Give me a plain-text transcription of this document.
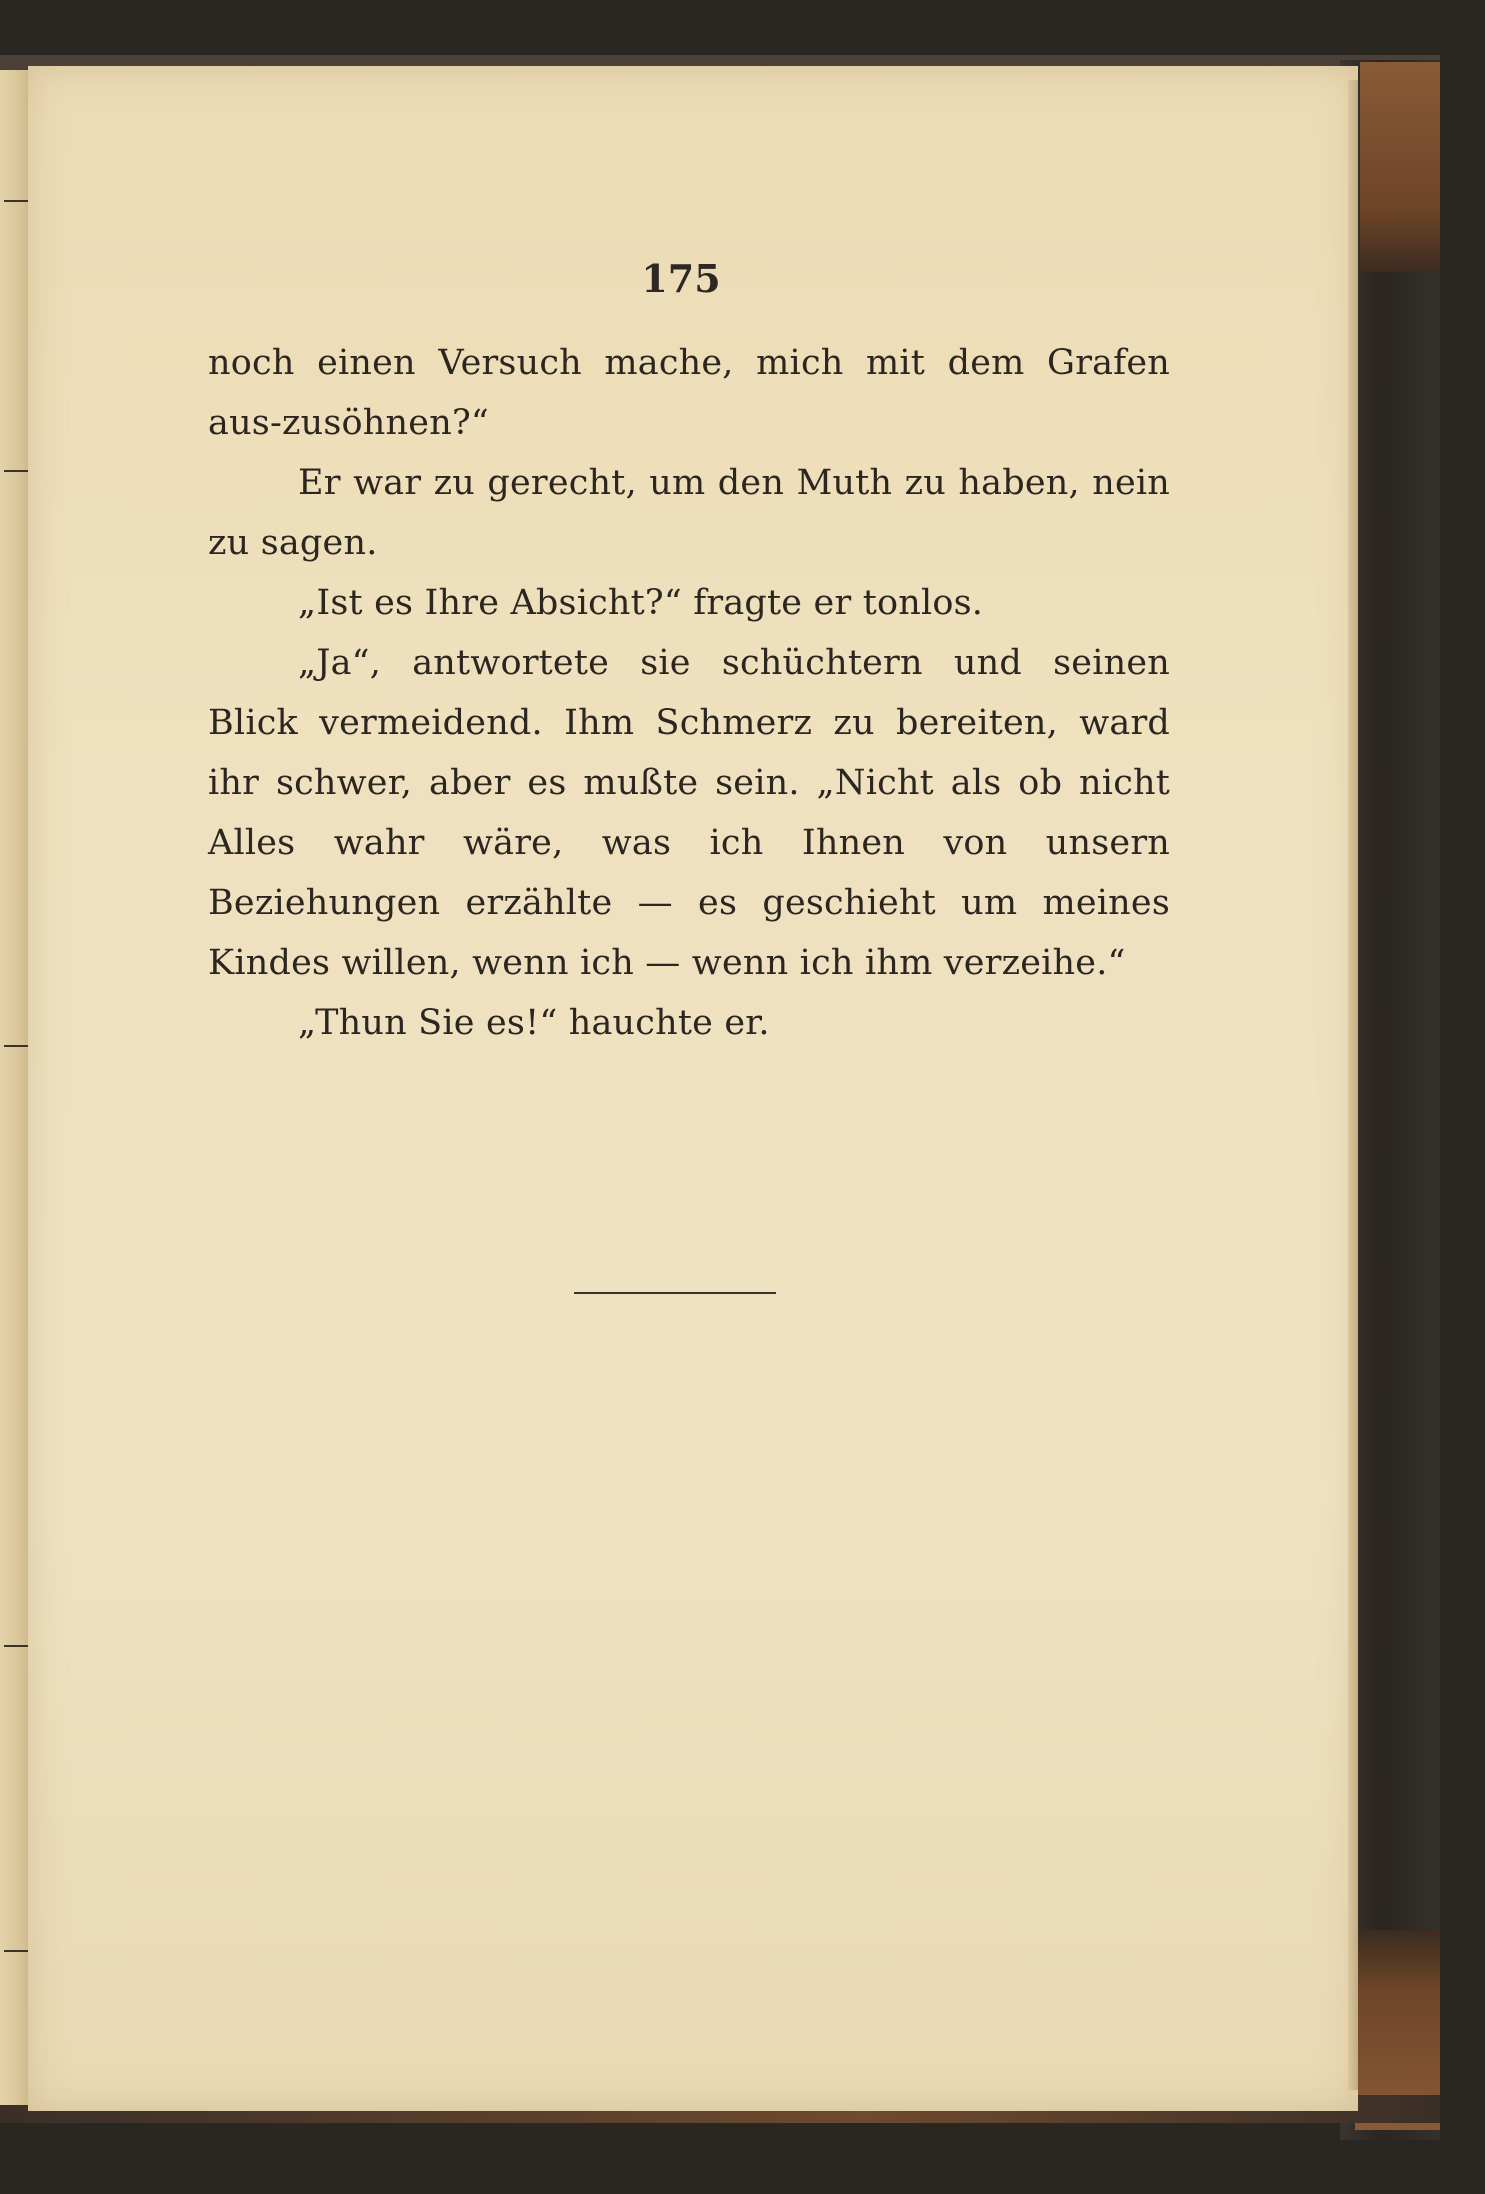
175

noch einen Versuch mache, mich mit dem Grafen aus-zusöhnen?“

Er war zu gerecht, um den Muth zu haben, nein zu sagen.

„Ist es Ihre Absicht?“ fragte er tonlos.

„Ja“, antwortete sie schüchtern und seinen Blick vermeidend. Ihm Schmerz zu bereiten, ward ihr schwer, aber es mußte sein. „Nicht als ob nicht Alles wahr wäre, was ich Ihnen von unsern Beziehungen erzählte — es geschieht um meines Kindes willen, wenn ich — wenn ich ihm verzeihe.“

„Thun Sie es!“ hauchte er.
